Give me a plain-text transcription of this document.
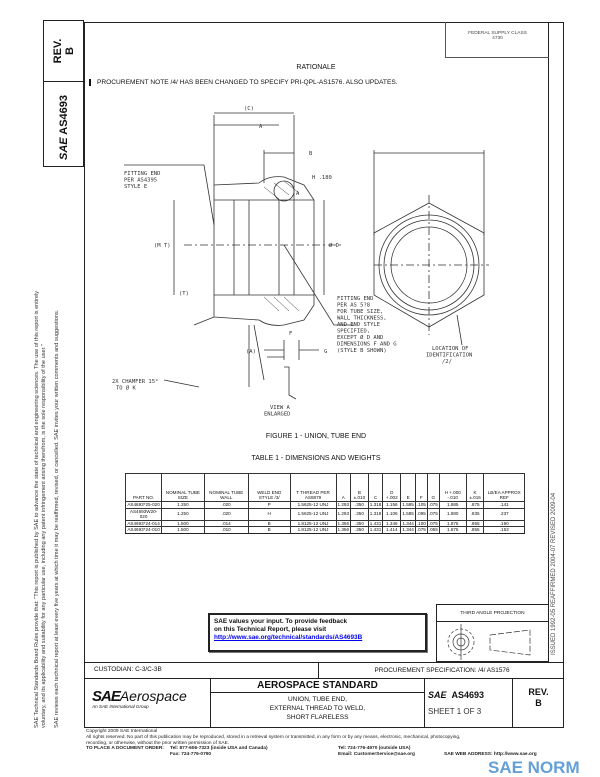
REV. B
SAE AS4693
SAE Technical Standards Board Rules provide that: "This report is published by SAE to advance the state of technical and engineering sciences. The use of this report is entirely voluntary, and its applicability and suitability for any particular use, including any patent infringement arising therefrom, is the sole responsibility of the user." SAE reviews each technical report at least every five years at which time it may be reaffirmed, revised, or cancelled. SAE invites your written comments and suggestions.	ISSUED 1992-05 REAFFIRMED 2004-07 REVISED 2009-04
FEDERAL SUPPLY CLASS
4730
RATIONALE
PROCUREMENT NOTE /4/ HAS BEEN CHANGED TO SPECIFY PRI-QPL-AS1576. ALSO UPDATES.
(C)
A
B
H .180
A
Ø D
(M T)
(T)
FITTING END PER AS4395 STYLE E
FITTING END PER AS 5?8 FOR TUBE SIZE, WALL THICKNESS, AND END STYLE SPECIFIED, EXCEPT Ø D AND DIMENSIONS F AND G (STYLE B SHOWN)
2X CHAMFER 15° TO Ø K
F
G
(A)
VIEW A ENLARGED
LOCATION OF IDENTIFICATION /2/
FIGURE 1 - UNION, TUBE END
TABLE 1 - DIMENSIONS AND WEIGHTS
PART NO.	NOMINAL TUBE SIZE	NOMINAL TUBE WALL	WELD END STYLE /3/	T THREAD PER AS8879	A	B ±.010	C	D +.002	E	F	G	H +.000 -.010	K ±.015	LB/EA APPROX REF
AS4693*25-020	1.250	.020	P	1.5625-12 UNJ	1.293	.350	1.318	1.156	1.585	.105	.075	1.885	.875	.141
AS4693W20-020	1.250	.020	H	1.5625-12 UNJ	1.293	.350	1.318	1.106	1.585	.095	.075	1.880	.835	.237
AS4693*24-014	1.500	.014	B	1.8125-12 UNJ	1.356	.350	1.431	1.346	1.344	.100	.075	1.875	.855	.190
AS4693*24-010	1.500	.010	B	1.8125-12 UNJ	1.356	.350	1.431	1.414	1.344	.075	.055	1.875	.855	.153
SAE values your input. To provide feedback
on this Technical Report, please visit
http://www.sae.org/technical/standards/AS4693B
THIRD ANGLE PROJECTION
CUSTODIAN: C-3/C-3B	PROCUREMENT SPECIFICATION: /4/ AS1576
SAEAerospace
An SAE International Group
AEROSPACE STANDARD
UNION, TUBE END,
EXTERNAL THREAD TO WELD,
SHORT FLARELESS
SAE AS4693
SHEET 1 OF 3
REV.
B
Copyright 2009 SAE International
All rights reserved. No part of this publication may be reproduced, stored in a retrieval system or transmitted, in any form or by any means, electronic, mechanical, photocopying,
recording, or otherwise, without the prior written permission of SAE.
TO PLACE A DOCUMENT ORDER: Tel: 877-606-7323 (inside USA and Canada)
Fax: 724-776-0790
Tel: 724-776-4970 (outside USA)
Email: CustomerService@sae.org	SAE WEB ADDRESS: http://www.sae.org
SAE NORM
